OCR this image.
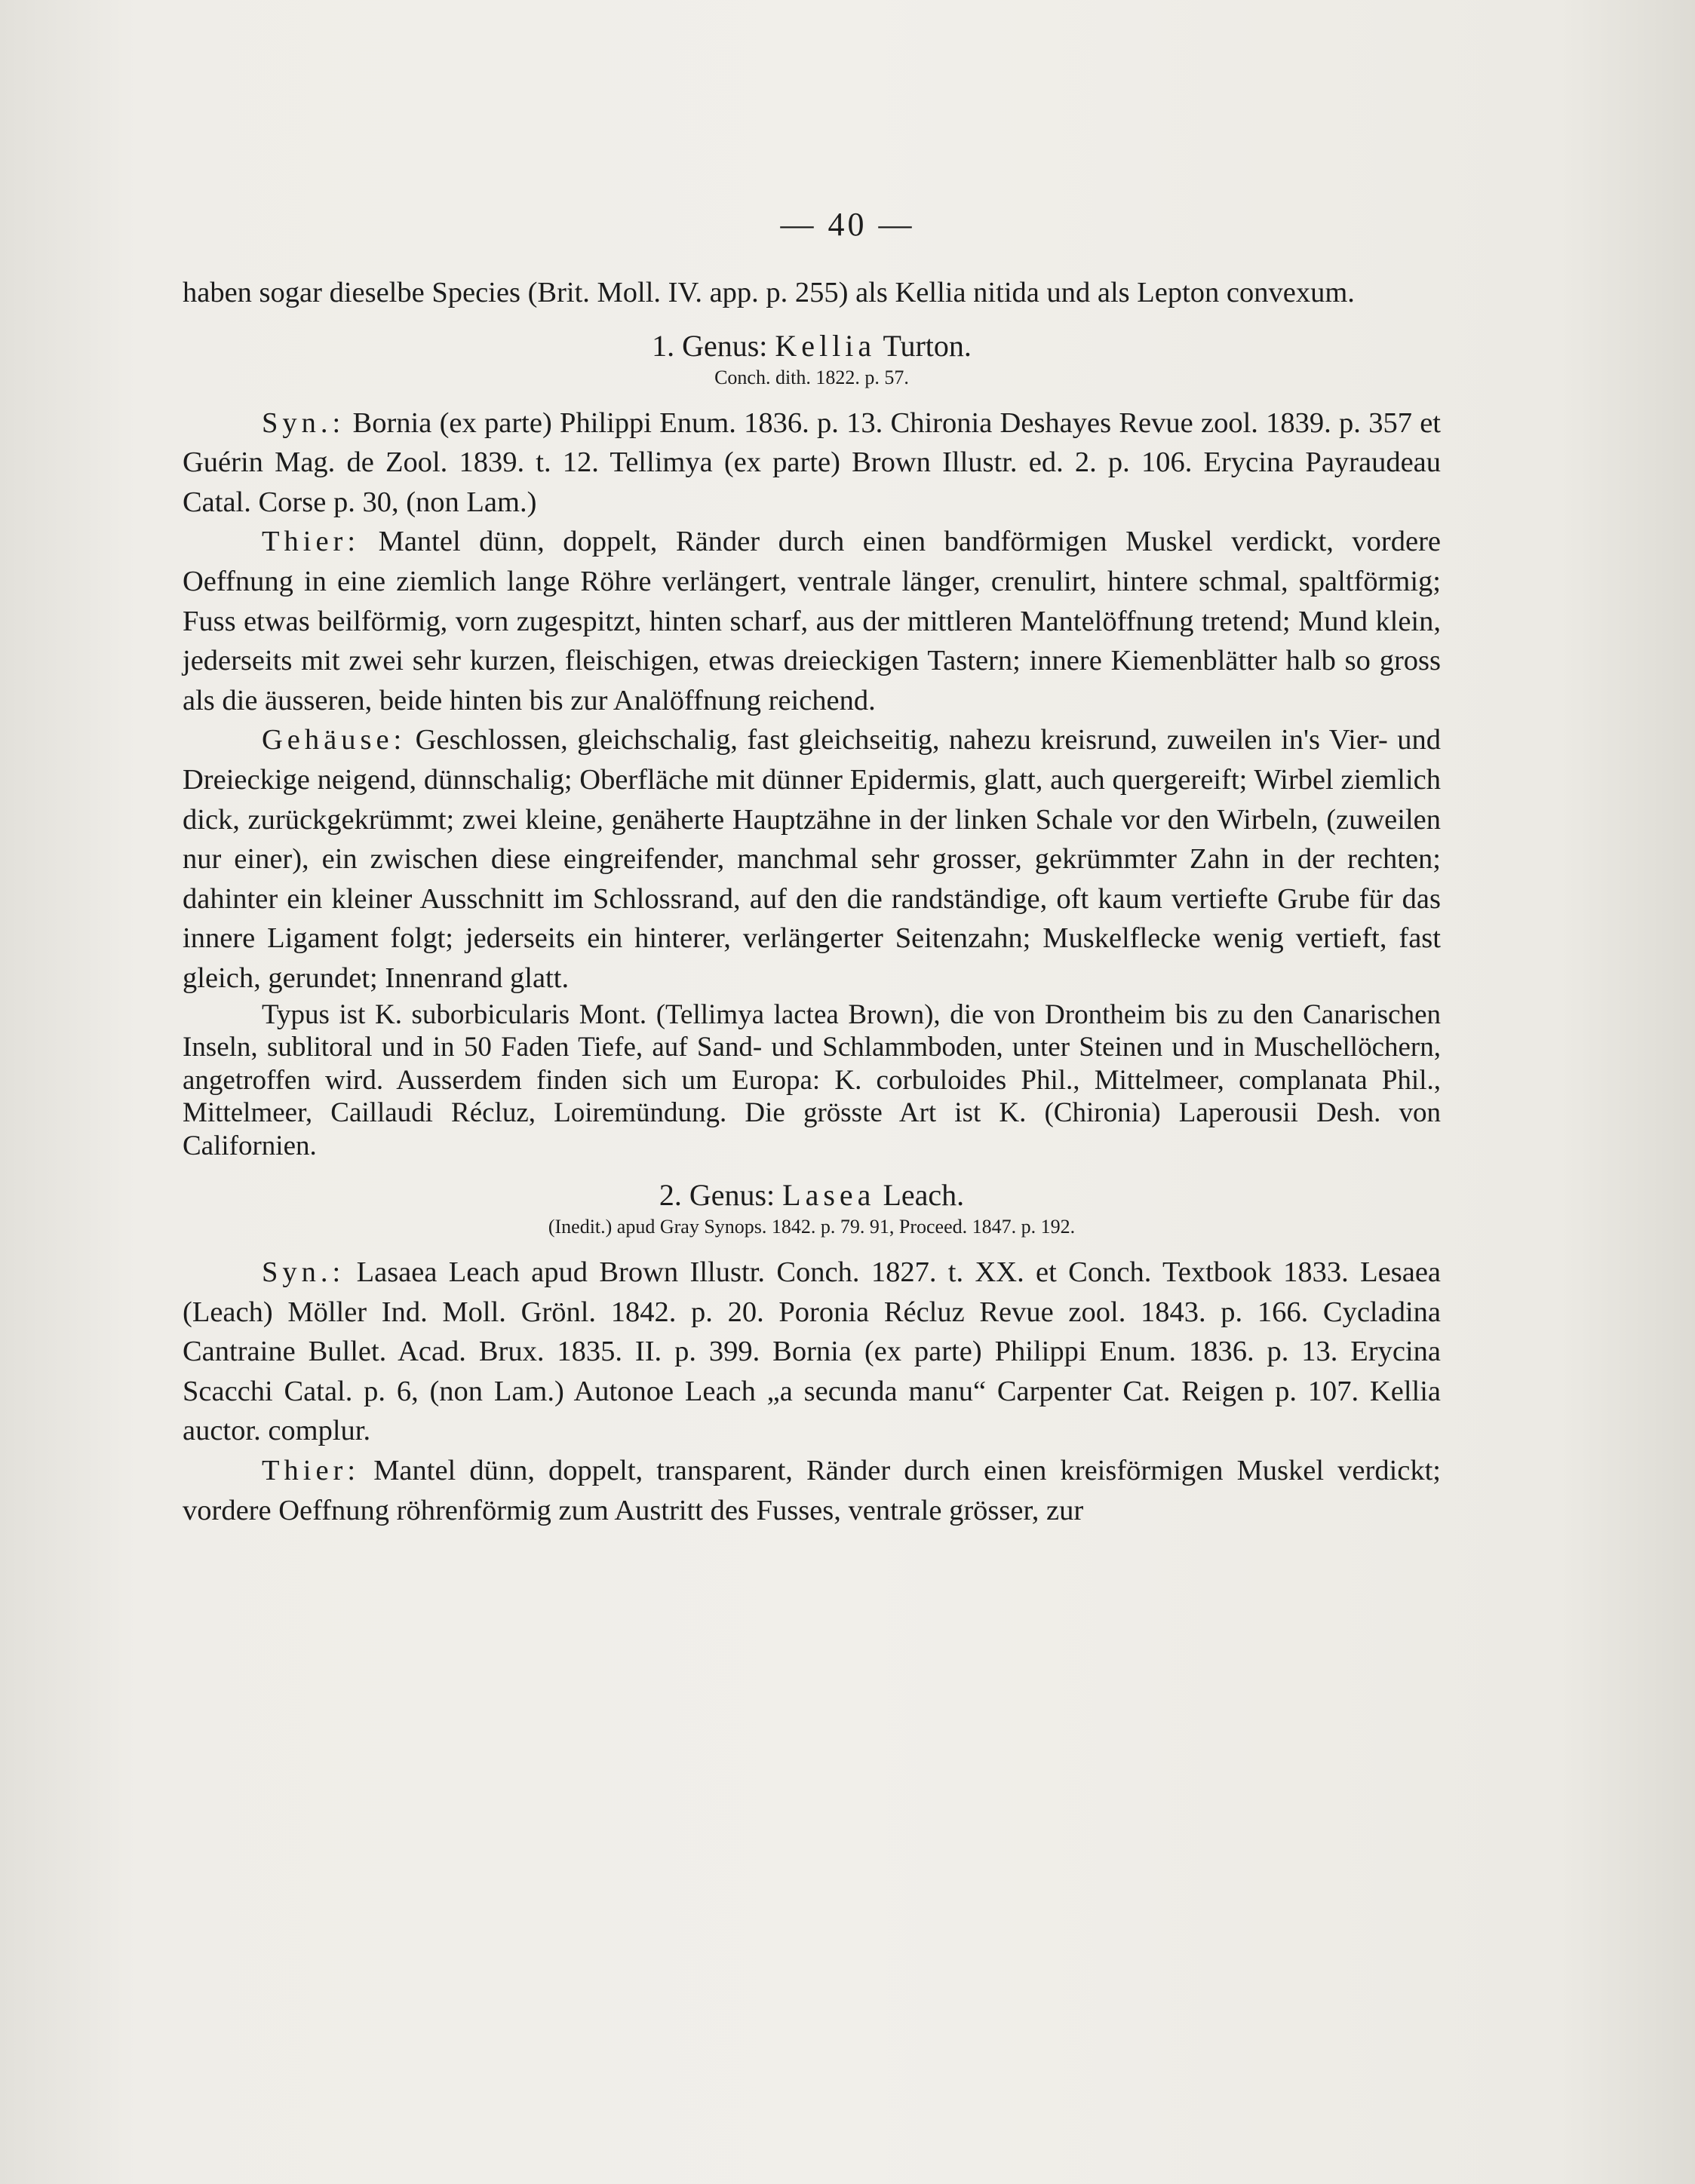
— 40 —

haben sogar dieselbe Species (Brit. Moll. IV. app. p. 255) als Kellia nitida und als Lepton convexum.

1. Genus: Kellia Turton.
Conch. dith. 1822. p. 57.

Syn.: Bornia (ex parte) Philippi Enum. 1836. p. 13. Chironia Deshayes Revue zool. 1839. p. 357 et Guérin Mag. de Zool. 1839. t. 12. Tellimya (ex parte) Brown Illustr. ed. 2. p. 106. Erycina Payraudeau Catal. Corse p. 30, (non Lam.)

Thier: Mantel dünn, doppelt, Ränder durch einen bandförmigen Muskel verdickt, vordere Oeffnung in eine ziemlich lange Röhre verlängert, ventrale länger, crenulirt, hintere schmal, spaltförmig; Fuss etwas beilförmig, vorn zugespitzt, hinten scharf, aus der mittleren Mantelöffnung tretend; Mund klein, jederseits mit zwei sehr kurzen, fleischigen, etwas dreieckigen Tastern; innere Kiemenblätter halb so gross als die äusseren, beide hinten bis zur Analöffnung reichend.

Gehäuse: Geschlossen, gleichschalig, fast gleichseitig, nahezu kreisrund, zuweilen in's Vier- und Dreieckige neigend, dünnschalig; Oberfläche mit dünner Epidermis, glatt, auch quergereift; Wirbel ziemlich dick, zurückgekrümmt; zwei kleine, genäherte Hauptzähne in der linken Schale vor den Wirbeln, (zuweilen nur einer), ein zwischen diese eingreifender, manchmal sehr grosser, gekrümmter Zahn in der rechten; dahinter ein kleiner Ausschnitt im Schlossrand, auf den die randständige, oft kaum vertiefte Grube für das innere Ligament folgt; jederseits ein hinterer, verlängerter Seitenzahn; Muskelflecke wenig vertieft, fast gleich, gerundet; Innenrand glatt.

Typus ist K. suborbicularis Mont. (Tellimya lactea Brown), die von Drontheim bis zu den Canarischen Inseln, sublitoral und in 50 Faden Tiefe, auf Sand- und Schlammboden, unter Steinen und in Muschellöchern, angetroffen wird. Ausserdem finden sich um Europa: K. corbuloides Phil., Mittelmeer, complanata Phil., Mittelmeer, Caillaudi Récluz, Loiremündung. Die grösste Art ist K. (Chironia) Laperousii Desh. von Californien.

2. Genus: Lasea Leach.
(Inedit.) apud Gray Synops. 1842. p. 79. 91, Proceed. 1847. p. 192.

Syn.: Lasaea Leach apud Brown Illustr. Conch. 1827. t. XX. et Conch. Textbook 1833. Lesaea (Leach) Möller Ind. Moll. Grönl. 1842. p. 20. Poronia Récluz Revue zool. 1843. p. 166. Cycladina Cantraine Bullet. Acad. Brux. 1835. II. p. 399. Bornia (ex parte) Philippi Enum. 1836. p. 13. Erycina Scacchi Catal. p. 6, (non Lam.) Autonoe Leach „a secunda manu“ Carpenter Cat. Reigen p. 107. Kellia auctor. complur.

Thier: Mantel dünn, doppelt, transparent, Ränder durch einen kreisförmigen Muskel verdickt; vordere Oeffnung röhrenförmig zum Austritt des Fusses, ventrale grösser, zur
